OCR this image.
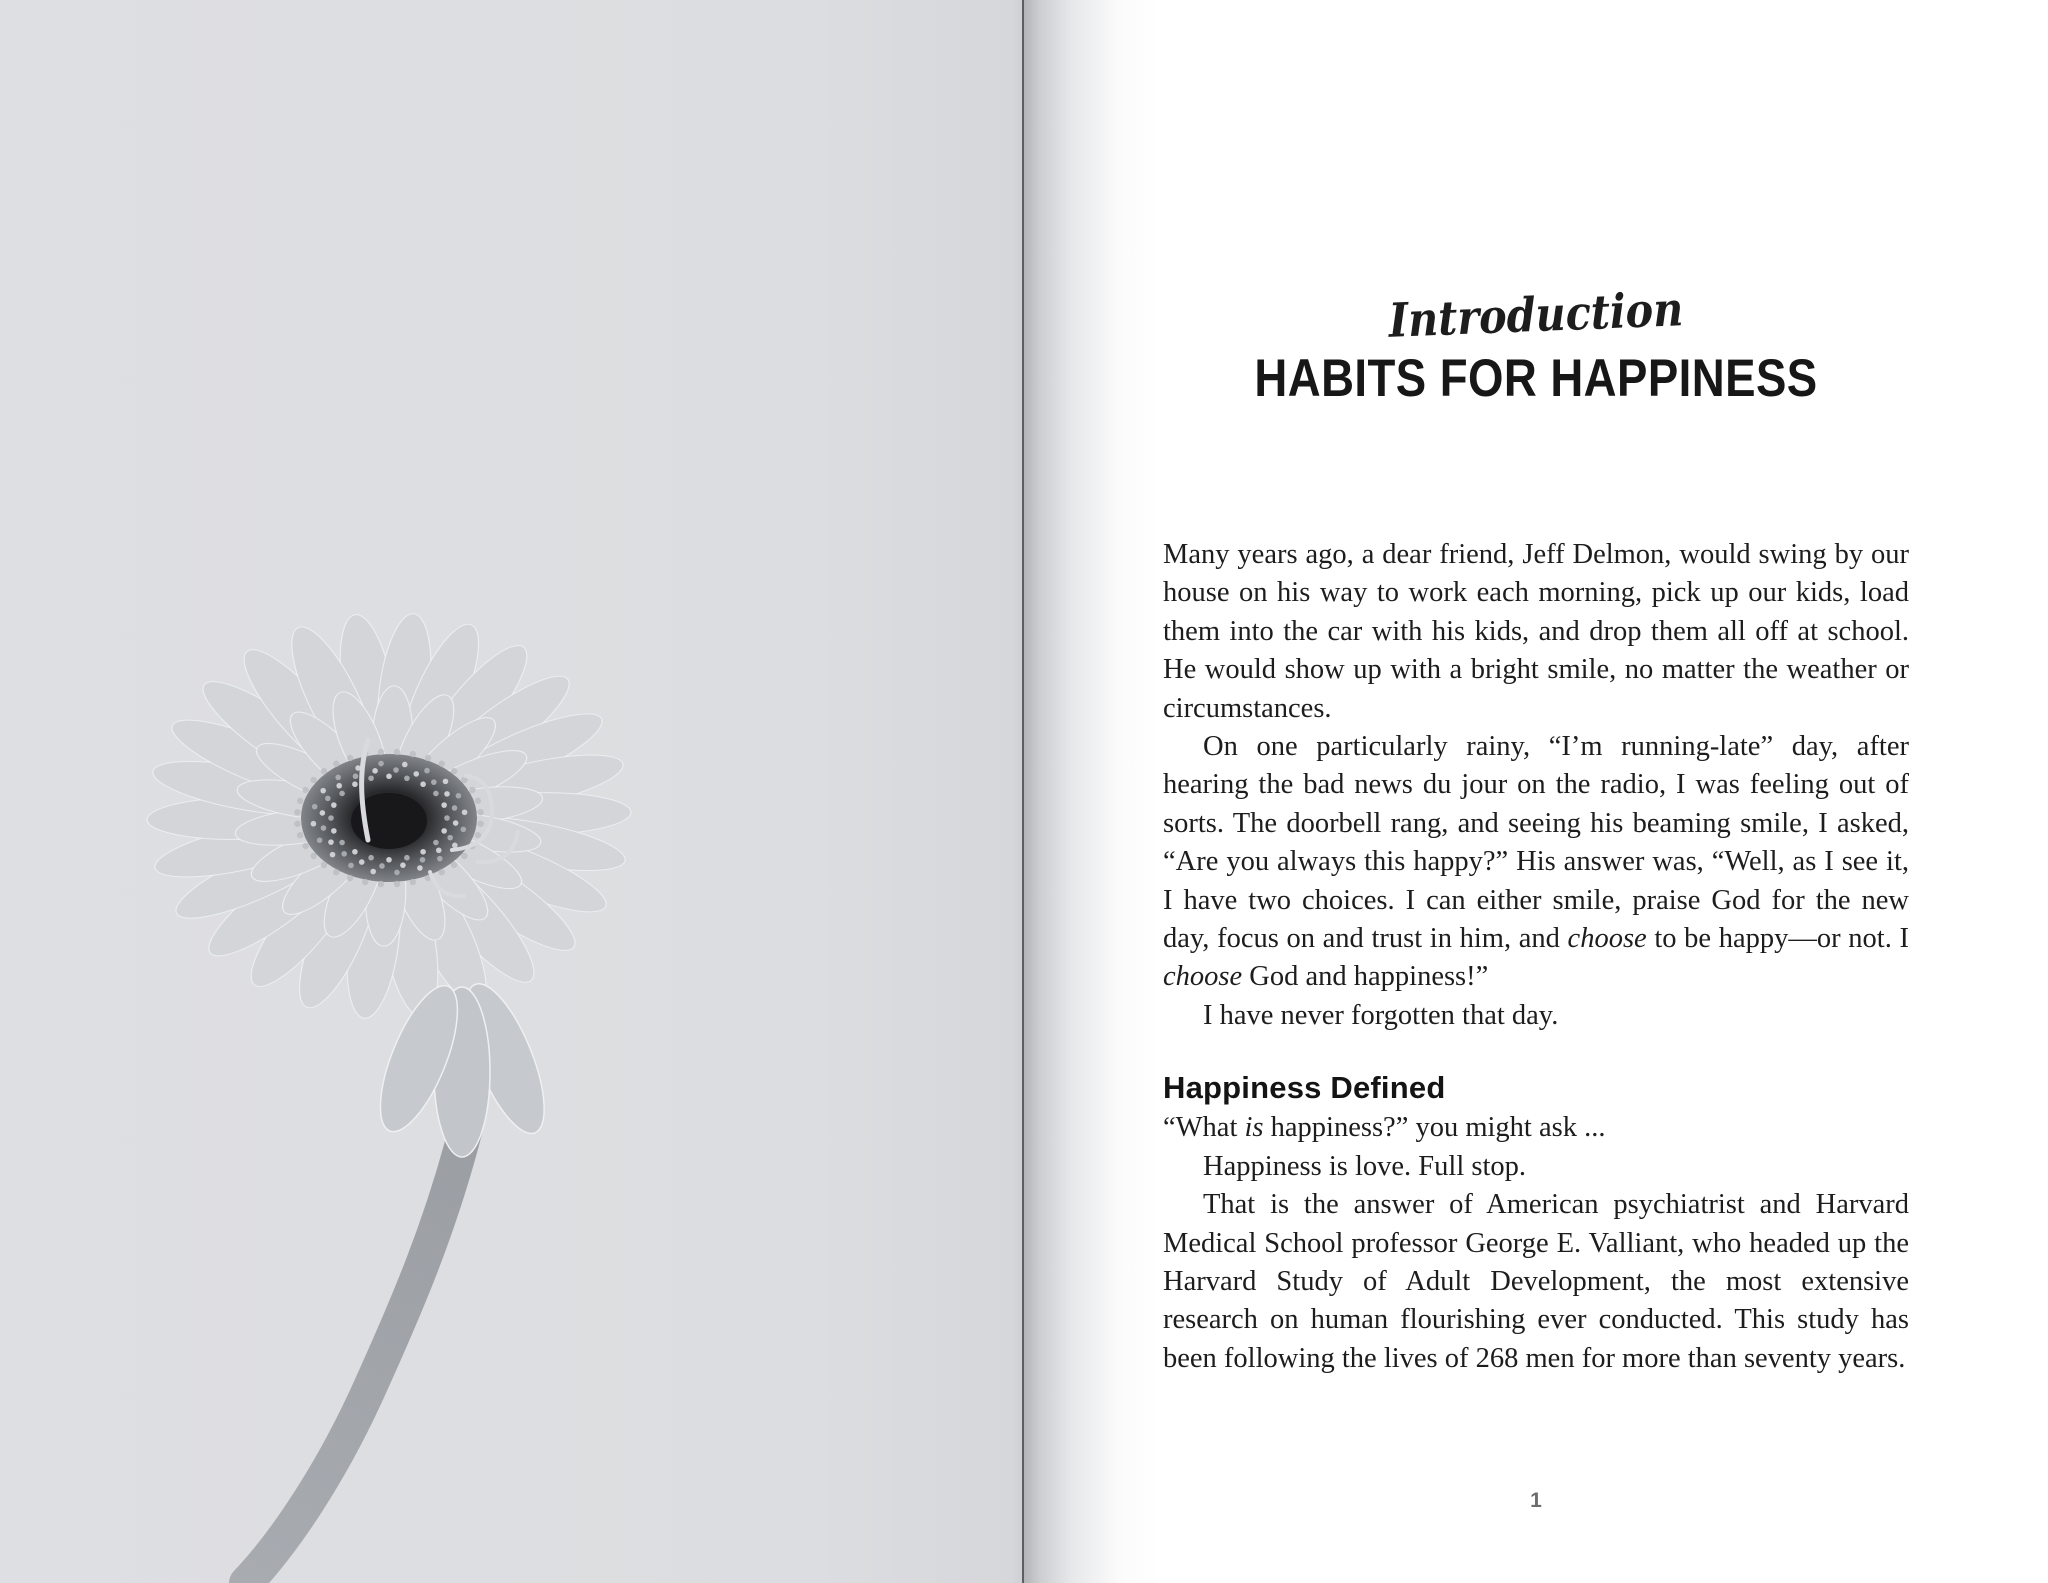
Introduction
HABITS FOR HAPPINESS

Many years ago, a dear friend, Jeff Delmon, would swing by our house on his way to work each morning, pick up our kids, load them into the car with his kids, and drop them all off at school. He would show up with a bright smile, no matter the weather or circumstances.

On one particularly rainy, “I’m running-late” day, after hearing the bad news du jour on the radio, I was feeling out of sorts. The doorbell rang, and seeing his beaming smile, I asked, “Are you always this happy?” His answer was, “Well, as I see it, I have two choices. I can either smile, praise God for the new day, focus on and trust in him, and choose to be happy—or not. I choose God and happiness!”

I have never forgotten that day.

Happiness Defined

“What is happiness?” you might ask ...

Happiness is love. Full stop.

That is the answer of American psychiatrist and Harvard Medical School professor George E. Valliant, who headed up the Harvard Study of Adult Development, the most extensive research on human flourishing ever conducted. This study has been following the lives of 268 men for more than seventy years.

1
